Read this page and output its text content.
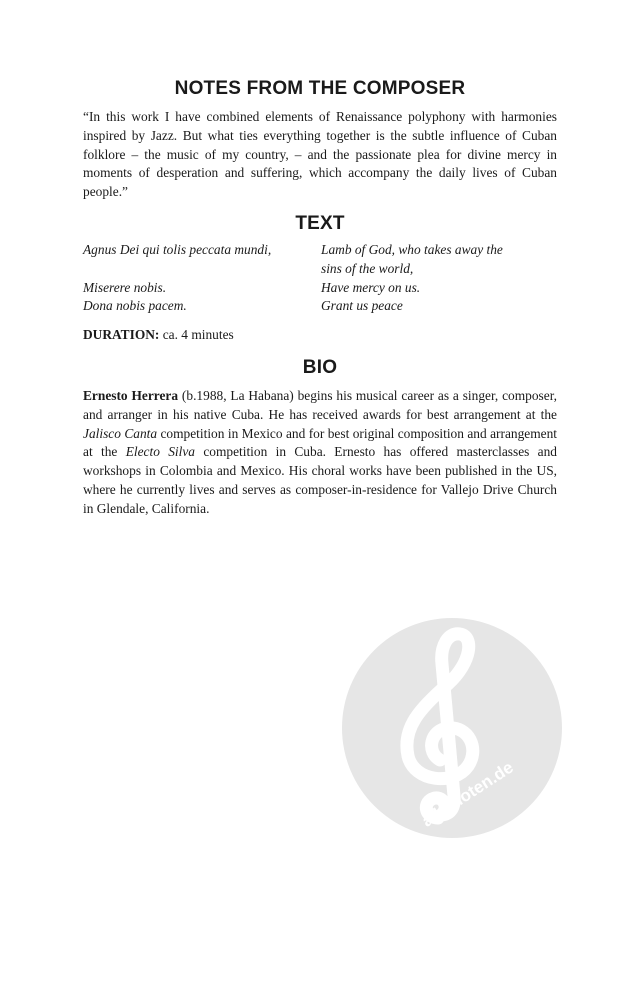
NOTES FROM THE COMPOSER

“In this work I have combined elements of Renaissance polyphony with harmonies inspired by Jazz. But what ties everything together is the subtle influence of Cuban folklore – the music of my country, – and the passionate plea for divine mercy in moments of desperation and suffering, which accompany the daily lives of Cuban people.”

TEXT
Agnus Dei qui tolis peccata mundi,	Lamb of God, who takes away the
sins of the world,
Miserere nobis.	Have mercy on us.
Dona nobis pacem.	Grant us peace
DURATION: ca. 4 minutes
BIO

Ernesto Herrera (b.1988, La Habana) begins his musical career as a singer, composer, and arranger in his native Cuba. He has received awards for best arrangement at the Jalisco Canta competition in Mexico and for best original composition and arrangement at the Electo Silva competition in Cuba. Ernesto has offered masterclasses and workshops in Colombia and Mexico. His choral works have been published in the US, where he currently lives and serves as composer-in-residence for Vallejo Drive Church in Glendale, California.

alle-noten.de
